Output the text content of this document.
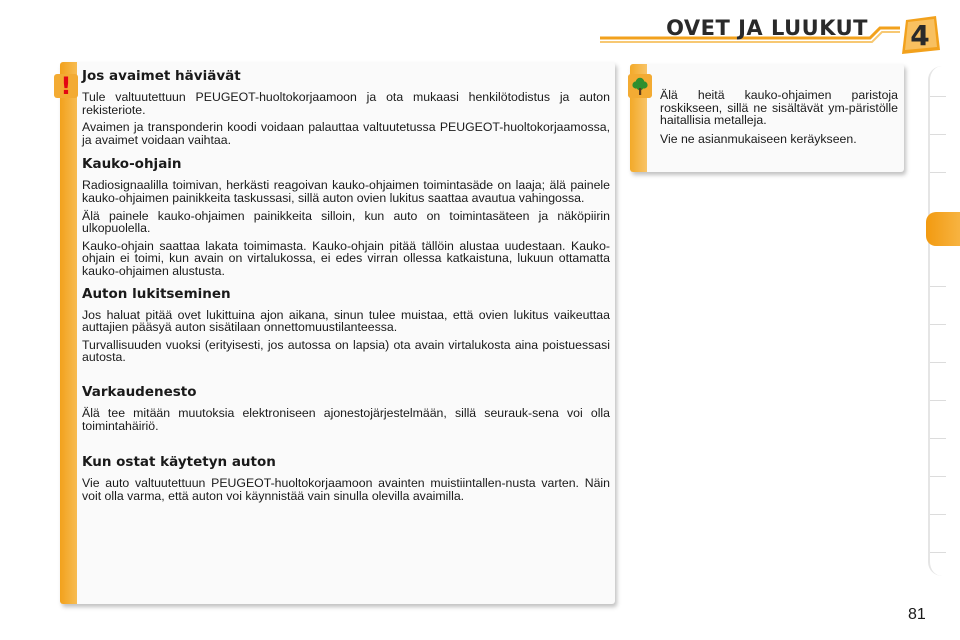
OVET JA LUUKUT	4
! Jos avaimet häviävät

Tule valtuutettuun PEUGEOT-huoltokorjaamoon ja ota mukaasi henkilötodistus ja auton rekisteriote.

Avaimen ja transponderin koodi voidaan palauttaa valtuutetussa PEUGEOT-huoltokorjaamossa, ja avaimet voidaan vaihtaa.

Kauko-ohjain

Radiosignaalilla toimivan, herkästi reagoivan kauko-ohjaimen toimintasäde on laaja; älä painele kauko-ohjaimen painikkeita taskussasi, sillä auton ovien lukitus saattaa avautua vahingossa.

Älä painele kauko-ohjaimen painikkeita silloin, kun auto on toimintasäteen ja näköpiirin ulkopuolella.

Kauko-ohjain saattaa lakata toimimasta. Kauko-ohjain pitää tällöin alustaa uudestaan. Kauko-ohjain ei toimi, kun avain on virtalukossa, ei edes virran ollessa katkaistuna, lukuun ottamatta kauko-ohjaimen alustusta.

Auton lukitseminen

Jos haluat pitää ovet lukittuina ajon aikana, sinun tulee muistaa, että ovien lukitus vaikeuttaa auttajien pääsyä auton sisätilaan onnettomuustilanteessa.

Turvallisuuden vuoksi (erityisesti, jos autossa on lapsia) ota avain virtalukosta aina poistuessasi autosta.

Varkaudenesto

Älä tee mitään muutoksia elektroniseen ajonestojärjestelmään, sillä seurauk-sena voi olla toimintahäiriö.

Kun ostat käytetyn auton

Vie auto valtuutettuun PEUGEOT-huoltokorjaamoon avainten muistiintallen-nusta varten. Näin voit olla varma, että auton voi käynnistää vain sinulla olevilla avaimilla.

Älä heitä kauko-ohjaimen paristoja roskikseen, sillä ne sisältävät ym-päristölle haitallisia metalleja.

Vie ne asianmukaiseen keräykseen.

81
